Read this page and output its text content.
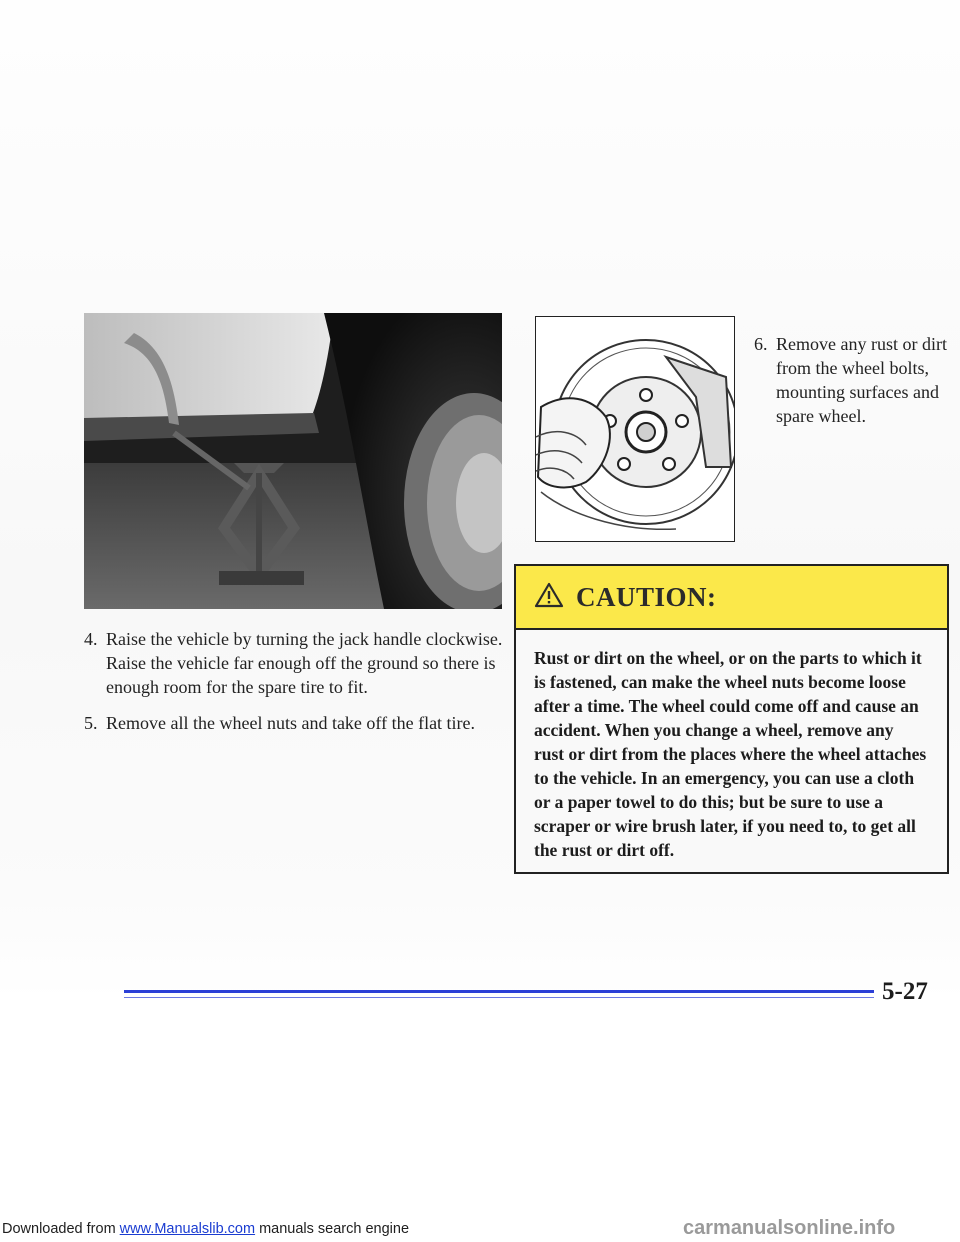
4. Raise the vehicle by turning the jack handle clockwise. Raise the vehicle far enough off the ground so there is enough room for the spare tire to fit.
5. Remove all the wheel nuts and take off the flat tire.
6. Remove any rust or dirt from the wheel bolts, mounting surfaces and spare wheel.
CAUTION:
Rust or dirt on the wheel, or on the parts to which it is fastened, can make the wheel nuts become loose after a time. The wheel could come off and cause an accident. When you change a wheel, remove any rust or dirt from the places where the wheel attaches to the vehicle. In an emergency, you can use a cloth or a paper towel to do this; but be sure to use a scraper or wire brush later, if you need to, to get all the rust or dirt off.
5-27
Downloaded from www.Manualslib.com manuals search engine	carmanualsonline.info
